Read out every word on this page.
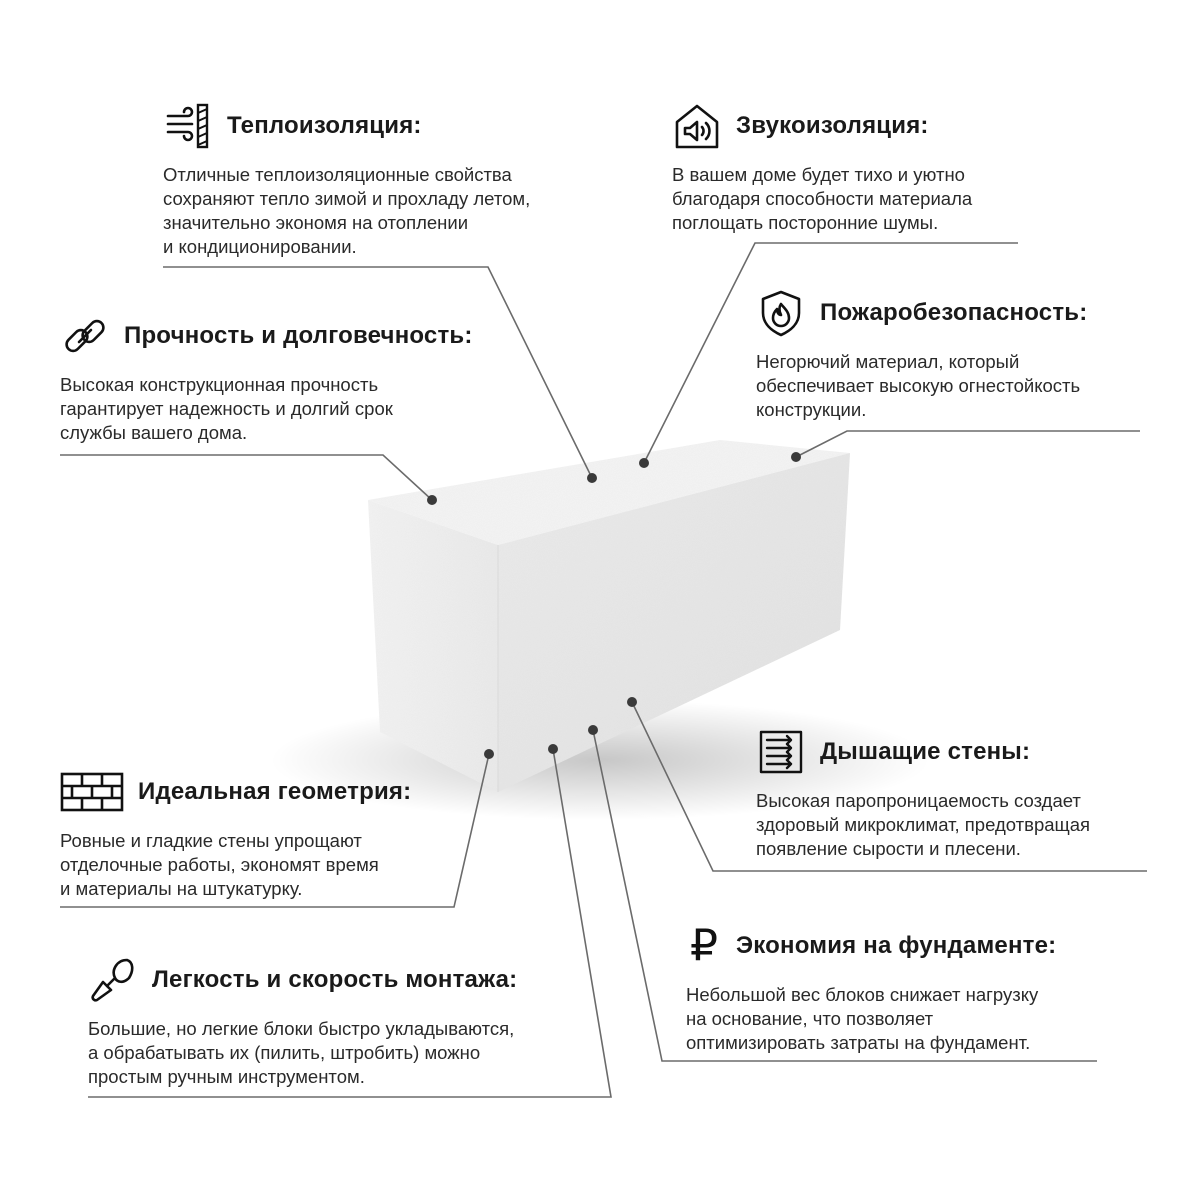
Теплоизоляция:

Отличные теплоизоляционные свойства
сохраняют тепло зимой и прохладу летом,
значительно экономя на отоплении
и кондиционировании.

Звукоизоляция:

В вашем доме будет тихо и уютно
благодаря способности материала
поглощать посторонние шумы.

Прочность и долговечность:

Высокая конструкционная прочность
гарантирует надежность и долгий срок
службы вашего дома.

Пожаробезопасность:

Негорючий материал, который
обеспечивает высокую огнестойкость
конструкции.

Дышащие стены:

Высокая паропроницаемость создает
здоровый микроклимат, предотвращая
появление сырости и плесени.

Идеальная геометрия:

Ровные и гладкие стены упрощают
отделочные работы, экономят время
и материалы на штукатурку.

₽ Экономия на фундаменте:

Небольшой вес блоков снижает нагрузку
на основание, что позволяет
оптимизировать затраты на фундамент.

Легкость и скорость монтажа:

Большие, но легкие блоки быстро укладываются,
а обрабатывать их (пилить, штробить) можно
простым ручным инструментом.
